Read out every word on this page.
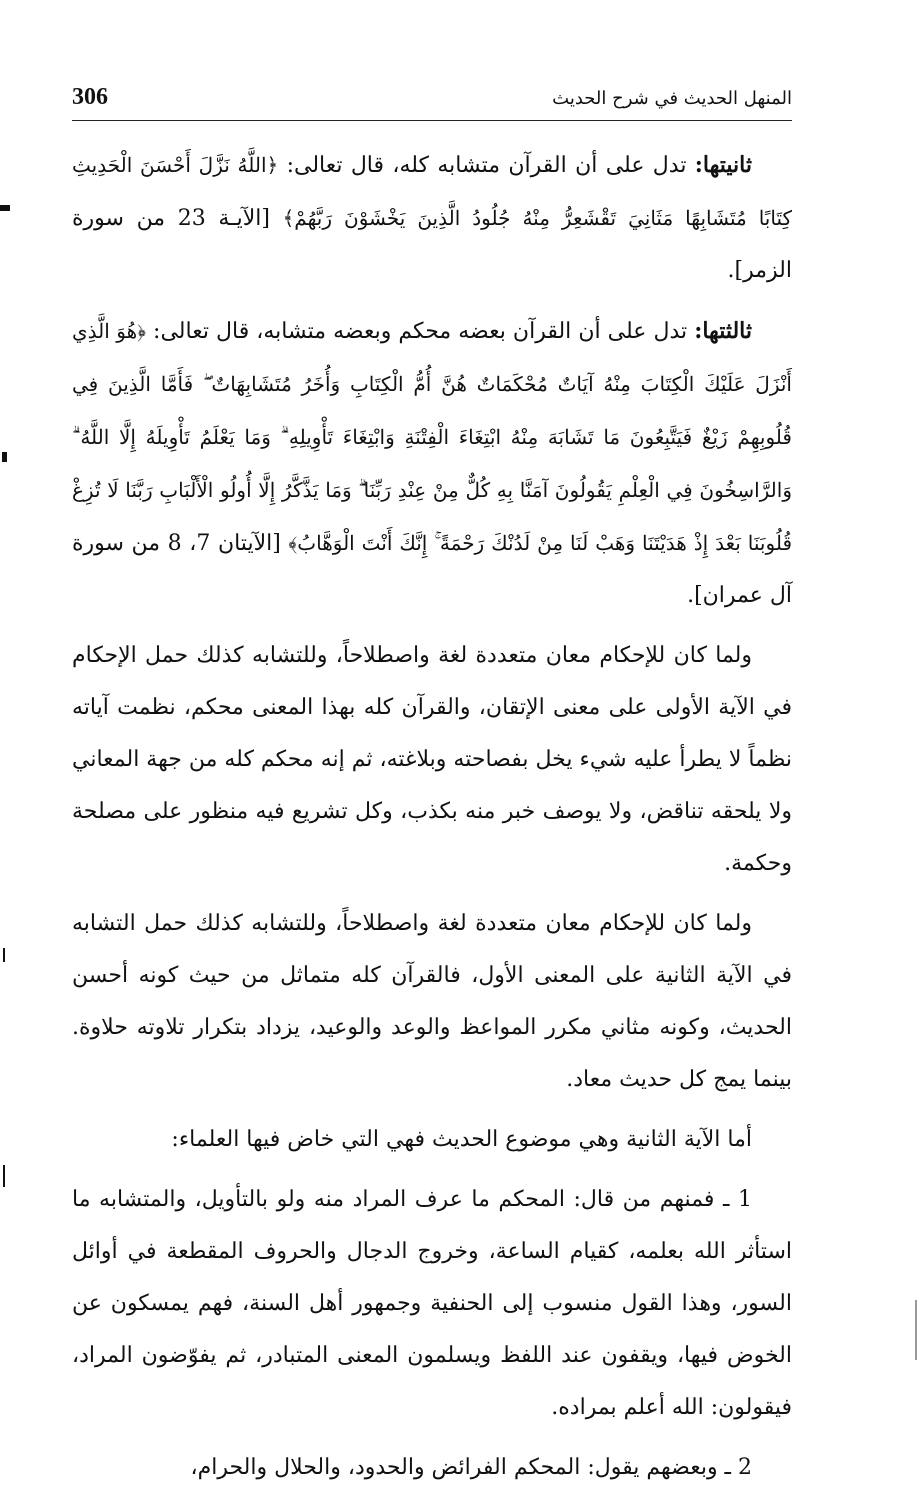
306	المنهل الحديث في شرح الحديث

ثانيتها: تدل على أن القرآن متشابه كله، قال تعالى: ﴿اللَّهُ نَزَّلَ أَحْسَنَ الْحَدِيثِ كِتَابًا مُتَشَابِهًا مَثَانِيَ تَقْشَعِرُّ مِنْهُ جُلُودُ الَّذِينَ يَخْشَوْنَ رَبَّهُمْ﴾ [الآيـة 23 من سورة الزمر].

ثالثتها: تدل على أن القرآن بعضه محكم وبعضه متشابه، قال تعالى: ﴿هُوَ الَّذِي أَنْزَلَ عَلَيْكَ الْكِتَابَ مِنْهُ آيَاتٌ مُحْكَمَاتٌ هُنَّ أُمُّ الْكِتَابِ وَأُخَرُ مُتَشَابِهَاتٌ ۖ فَأَمَّا الَّذِينَ فِي قُلُوبِهِمْ زَيْغٌ فَيَتَّبِعُونَ مَا تَشَابَهَ مِنْهُ ابْتِغَاءَ الْفِتْنَةِ وَابْتِغَاءَ تَأْوِيلِهِ ۗ وَمَا يَعْلَمُ تَأْوِيلَهُ إِلَّا اللَّهُ ۗ وَالرَّاسِخُونَ فِي الْعِلْمِ يَقُولُونَ آمَنَّا بِهِ كُلٌّ مِنْ عِنْدِ رَبِّنَا ۗ وَمَا يَذَّكَّرُ إِلَّا أُولُو الْأَلْبَابِ رَبَّنَا لَا تُزِغْ قُلُوبَنَا بَعْدَ إِذْ هَدَيْتَنَا وَهَبْ لَنَا مِنْ لَدُنْكَ رَحْمَةً ۚ إِنَّكَ أَنْتَ الْوَهَّابُ﴾ [الآيتان 7، 8 من سورة آل عمران].

ولما كان للإحكام معان متعددة لغة واصطلاحاً، وللتشابه كذلك حمل الإحكام في الآية الأولى على معنى الإتقان، والقرآن كله بهذا المعنى محكم، نظمت آياته نظماً لا يطرأ عليه شيء يخل بفصاحته وبلاغته، ثم إنه محكم كله من جهة المعاني ولا يلحقه تناقض، ولا يوصف خبر منه بكذب، وكل تشريع فيه منظور على مصلحة وحكمة.

ولما كان للإحكام معان متعددة لغة واصطلاحاً، وللتشابه كذلك حمل التشابه في الآية الثانية على المعنى الأول، فالقرآن كله متماثل من حيث كونه أحسن الحديث، وكونه مثاني مكرر المواعظ والوعد والوعيد، يزداد بتكرار تلاوته حلاوة. بينما يمج كل حديث معاد.

أما الآية الثانية وهي موضوع الحديث فهي التي خاض فيها العلماء:

1 ـ فمنهم من قال: المحكم ما عرف المراد منه ولو بالتأويل، والمتشابه ما استأثر الله بعلمه، كقيام الساعة، وخروج الدجال والحروف المقطعة في أوائل السور، وهذا القول منسوب إلى الحنفية وجمهور أهل السنة، فهم يمسكون عن الخوض فيها، ويقفون عند اللفظ ويسلمون المعنى المتبادر، ثم يفوّضون المراد، فيقولون: الله أعلم بمراده.

2 ـ وبعضهم يقول: المحكم الفرائض والحدود، والحلال والحرام،
